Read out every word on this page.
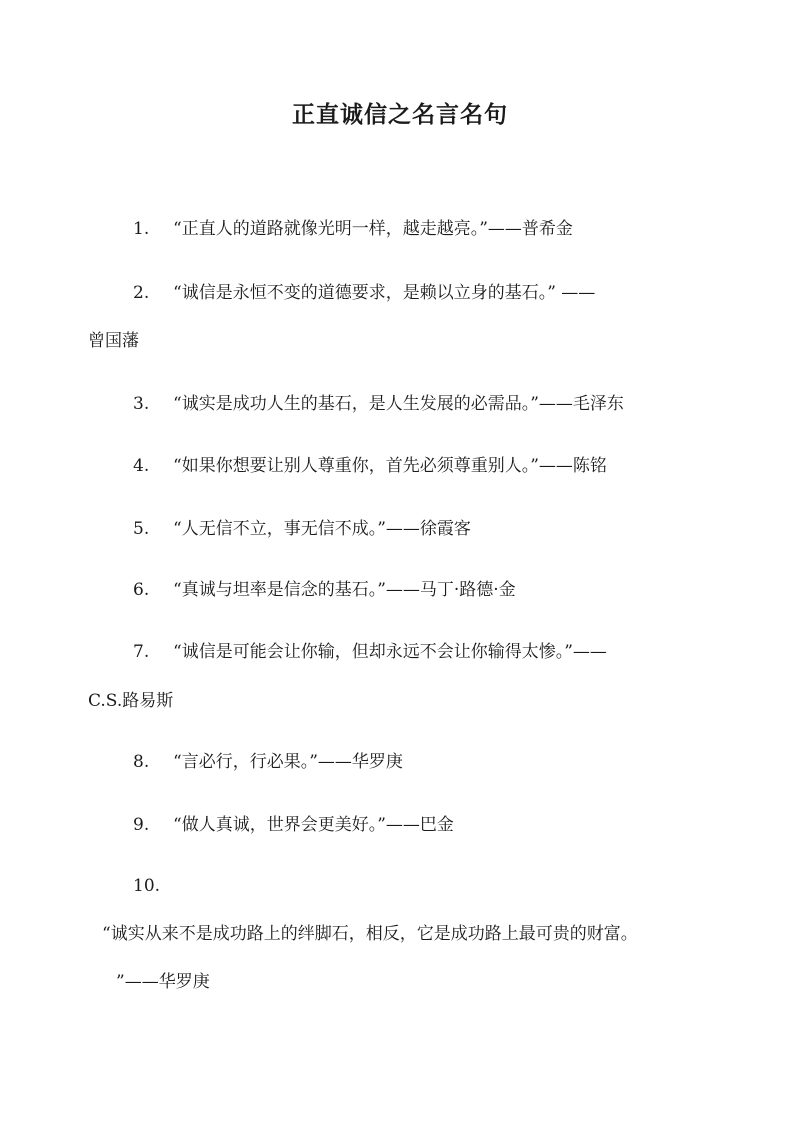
正直诚信之名言名句
1. “正直人的道路就像光明一样，越走越亮。”——普希金
2. “诚信是永恒不变的道德要求，是赖以立身的基石。” ——
曾国藩
3. “诚实是成功人生的基石，是人生发展的必需品。”——毛泽东
4. “如果你想要让别人尊重你，首先必须尊重别人。”——陈铭
5. “人无信不立，事无信不成。”——徐霞客
6. “真诚与坦率是信念的基石。”——马丁·路德·金
7. “诚信是可能会让你输，但却永远不会让你输得太惨。”——
C.S.路易斯
8. “言必行，行必果。”——华罗庚
9. “做人真诚，世界会更美好。”——巴金
10.
“诚实从来不是成功路上的绊脚石，相反，它是成功路上最可贵的财富。
”——华罗庚
